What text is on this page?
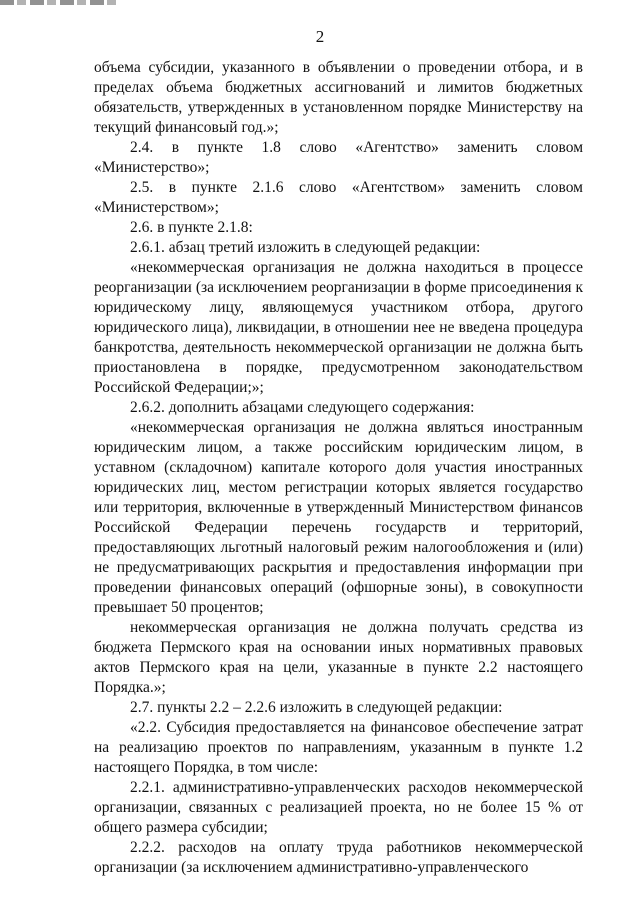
2

объема субсидии, указанного в объявлении о проведении отбора, и в пределах объема бюджетных ассигнований и лимитов бюджетных обязательств, утвержденных в установленном порядке Министерству на текущий финансовый год.»;

2.4. в пункте 1.8 слово «Агентство» заменить словом «Министерство»;

2.5. в пункте 2.1.6 слово «Агентством» заменить словом «Министерством»;

2.6. в пункте 2.1.8:

2.6.1. абзац третий изложить в следующей редакции:

«некоммерческая организация не должна находиться в процессе реорганизации (за исключением реорганизации в форме присоединения к юридическому лицу, являющемуся участником отбора, другого юридического лица), ликвидации, в отношении нее не введена процедура банкротства, деятельность некоммерческой организации не должна быть приостановлена в порядке, предусмотренном законодательством Российской Федерации;»;

2.6.2. дополнить абзацами следующего содержания:

«некоммерческая организация не должна являться иностранным юридическим лицом, а также российским юридическим лицом, в уставном (складочном) капитале которого доля участия иностранных юридических лиц, местом регистрации которых является государство или территория, включенные в утвержденный Министерством финансов Российской Федерации перечень государств и территорий, предоставляющих льготный налоговый режим налогообложения и (или) не предусматривающих раскрытия и предоставления информации при проведении финансовых операций (офшорные зоны), в совокупности превышает 50 процентов;

некоммерческая организация не должна получать средства из бюджета Пермского края на основании иных нормативных правовых актов Пермского края на цели, указанные в пункте 2.2 настоящего Порядка.»;

2.7. пункты 2.2 – 2.2.6 изложить в следующей редакции:

«2.2. Субсидия предоставляется на финансовое обеспечение затрат на реализацию проектов по направлениям, указанным в пункте 1.2 настоящего Порядка, в том числе:

2.2.1. административно-управленческих расходов некоммерческой организации, связанных с реализацией проекта, но не более 15 % от общего размера субсидии;

2.2.2. расходов на оплату труда работников некоммерческой организации (за исключением административно-управленческого
